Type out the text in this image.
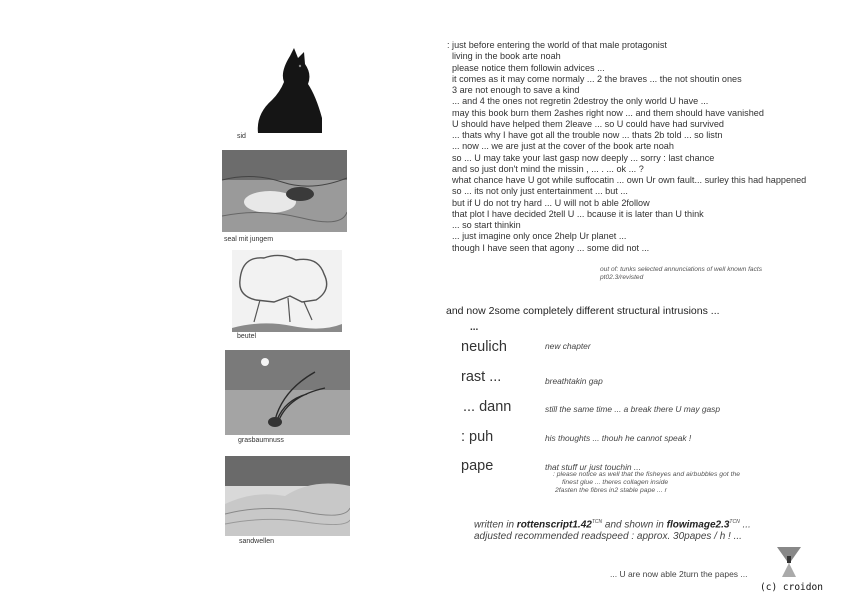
sid
seal mit jungem
beutel
grasbaumnuss
sandwellen
: just before entering the world of that male protagonist
living in the book arte noah
please notice them followin advices ...
it comes as it may come normaly ... 2 the braves ... the not shoutin ones
3 are not enough to save a kind
... and 4 the ones not regretin 2destroy the only world U have ...
may this book burn them 2ashes right now ... and them should have vanished
U should have helped them 2leave ... so U could have had survived
... thats why I have got all the trouble now ... thats 2b told ... so listn
... now ... we are just at the cover of the book arte noah
so ... U may take your last gasp now deeply ... sorry : last chance
and so just don't mind the missin , ... . ... ok ... ?
what chance have U got while suffocatin ... own Ur own fault... surley this had happened
so ... its not only just entertainment ... but ...
but if U do not try hard ... U will not b able 2follow
that plot I have decided 2tell U ... bcause it is later than U think
... so start thinkin
... just imagine only once 2help Ur planet ...
though I have seen that agony ... some did not ...
out of: tunks selected annunciations of well known facts
pt02.3/revisted
and now 2some completely different structural intrusions ...
...
neulich	new chapter
rast ...	breathtakin gap
... dann	still the same time ... a break there U may gasp
: puh	his thoughts ... thouh he cannot speak !
pape	that stuff ur just touchin ...
: please notice as well that the fisheyes and airbubbles got the
finest glue ... theres collagen inside
2fasten the fibres in2 stable pape ... r
written in $rottenscript1.42^{TCN}$ and shown in $flowimage2.3^{TCN}$ ...
adjusted recommended readspeed : approx. 30papes / h ! ...
... U are now able 2turn the papes ...
(c) croidon
